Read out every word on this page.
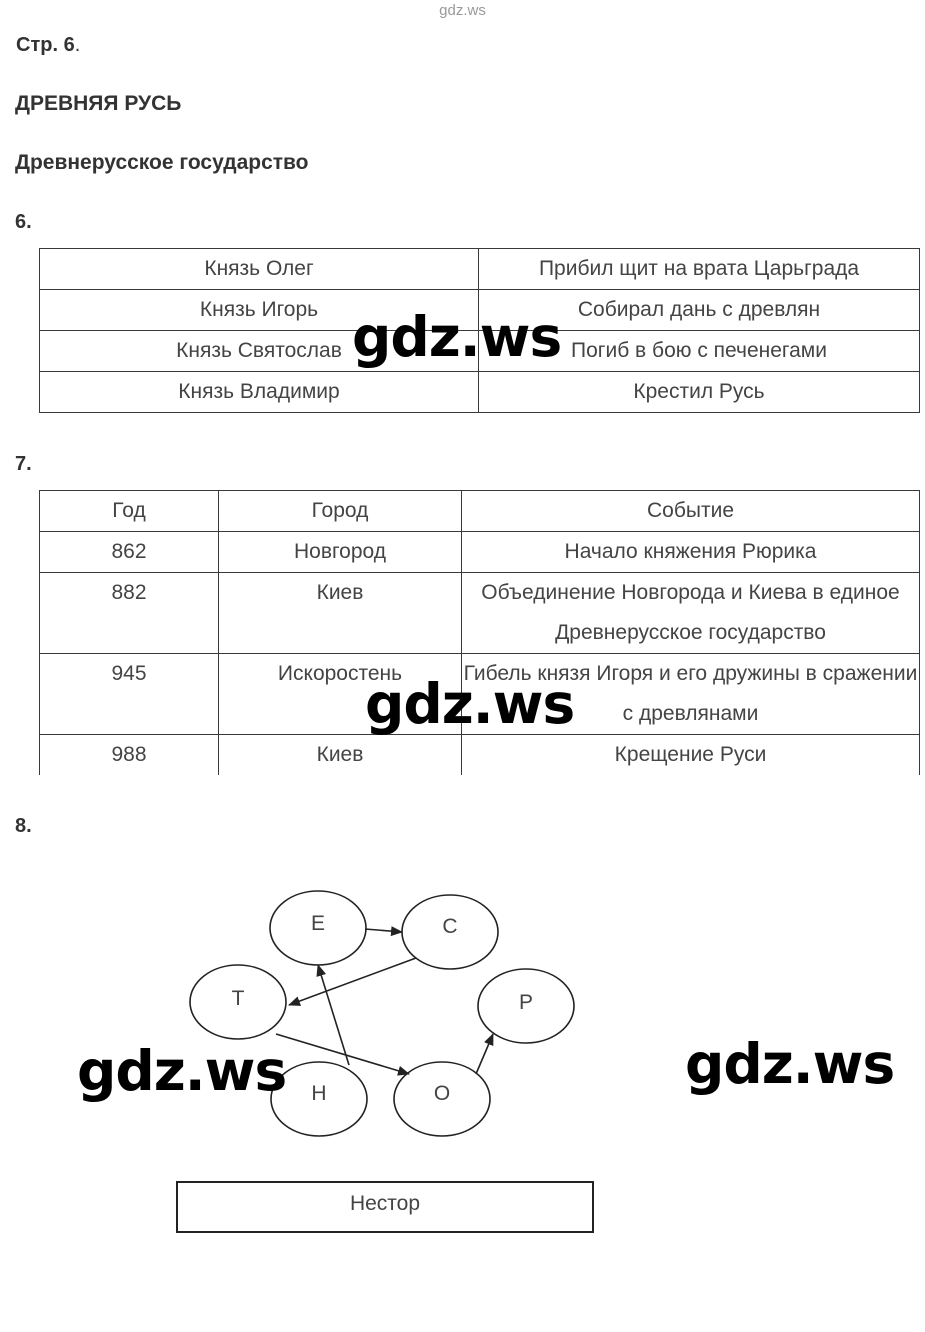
gdz.ws
Стр. 6.
ДРЕВНЯЯ РУСЬ
Древнерусское государство
6.
Князь Олег	Прибил щит на врата Царьграда
Князь Игорь	Собирал дань с древлян
Князь Святослав	Погиб в бою с печенегами
Князь Владимир	Крестил Русь
gdz.ws
7.
Год	Город	Событие
862	Новгород	Начало княжения Рюрика
882	Киев	Объединение Новгорода и Киева в единое Древнерусское государство
945	Искоростень	Гибель князя Игоря и его дружины в сражении с древлянами
988	Киев	Крещение Руси
gdz.ws
8.
Е	С
Т	Р
Н	О
gdz.ws	gdz.ws
Нестор
